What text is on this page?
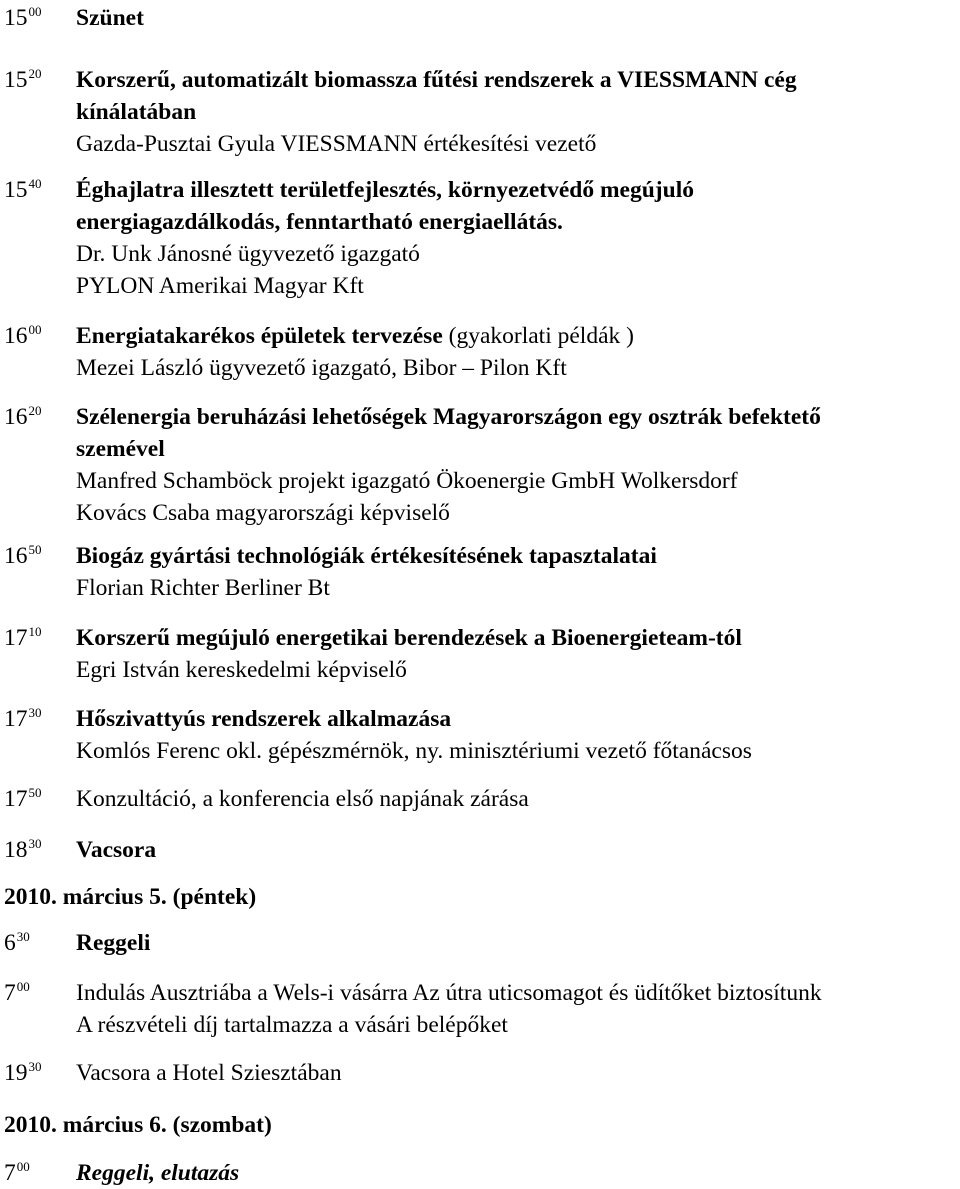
$15^{00}$ Szünet
$15^{20}$ Korszerű, automatizált biomassza fűtési rendszerek a VIESSMANN cég
kínálatában
Gazda-Pusztai Gyula VIESSMANN értékesítési vezető
$15^{40}$ Éghajlatra illesztett területfejlesztés, környezetvédő megújuló
energiagazdálkodás, fenntartható energiaellátás.
Dr. Unk Jánosné ügyvezető igazgató
PYLON Amerikai Magyar Kft
$16^{00}$ Energiatakarékos épületek tervezése (gyakorlati példák )
Mezei László ügyvezető igazgató, Bibor – Pilon Kft
$16^{20}$ Szélenergia beruházási lehetőségek Magyarországon egy osztrák befektető
szemével
Manfred Schamböck projekt igazgató Ökoenergie GmbH Wolkersdorf
Kovács Csaba magyarországi képviselő
$16^{50}$ Biogáz gyártási technológiák értékesítésének tapasztalatai
Florian Richter Berliner Bt
$17^{10}$ Korszerű megújuló energetikai berendezések a Bioenergieteam-tól
Egri István kereskedelmi képviselő
$17^{30}$ Hőszivattyús rendszerek alkalmazása
Komlós Ferenc okl. gépészmérnök, ny. minisztériumi vezető főtanácsos
$17^{50}$ Konzultáció, a konferencia első napjának zárása
$18^{30}$ Vacsora
2010. március 5. (péntek)
$6^{30}$ Reggeli
$7^{00}$ Indulás Ausztriába a Wels-i vásárra Az útra uticsomagot és üdítőket biztosítunk
A részvételi díj tartalmazza a vásári belépőket
$19^{30}$ Vacsora a Hotel Sziesztában
2010. március 6. (szombat)
$7^{00}$ Reggeli, elutazás
